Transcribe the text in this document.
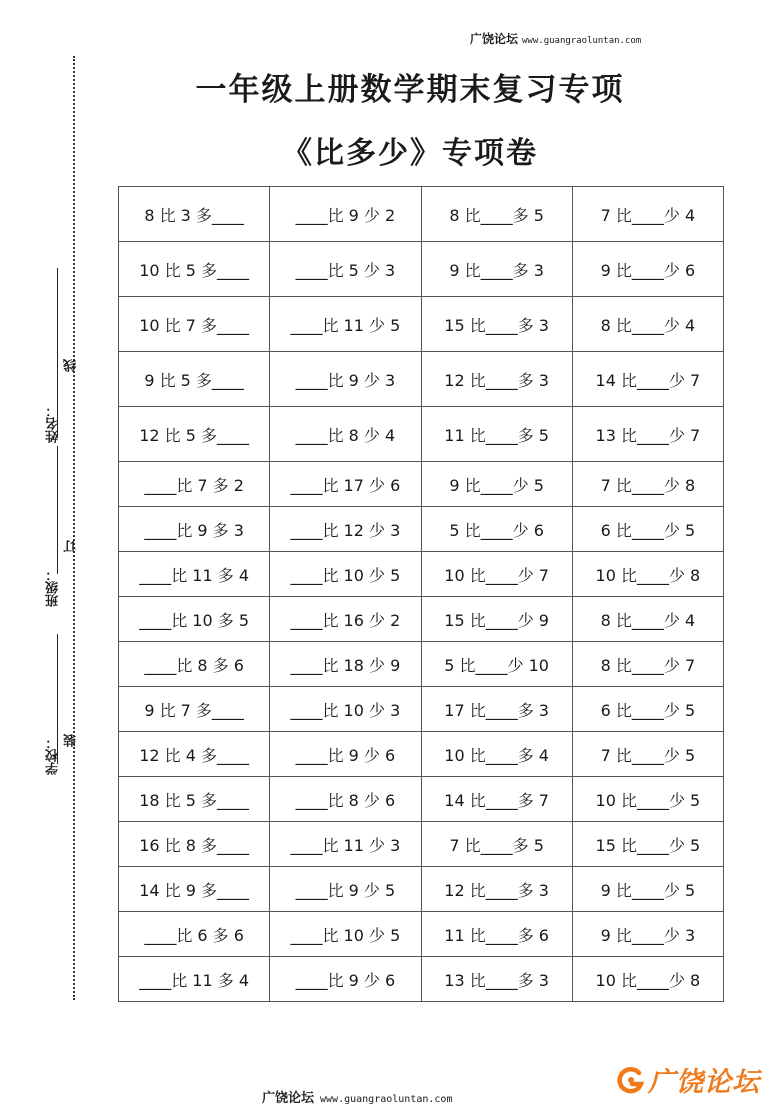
广饶论坛 www.guangraoluntan.com
一年级上册数学期末复习专项
《比多少》专项卷
姓名：
班级：
学校：
线
订
装
8 比 3 多____	____比 9 少 2	8 比____多 5	7 比____少 4
10 比 5 多____	____比 5 少 3	9 比____多 3	9 比____少 6
10 比 7 多____	____比 11 少 5	15 比____多 3	8 比____少 4
9 比 5 多____	____比 9 少 3	12 比____多 3	14 比____少 7
12 比 5 多____	____比 8 少 4	11 比____多 5	13 比____少 7
____比 7 多 2	____比 17 少 6	9 比____少 5	7 比____少 8
____比 9 多 3	____比 12 少 3	5 比____少 6	6 比____少 5
____比 11 多 4	____比 10 少 5	10 比____少 7	10 比____少 8
____比 10 多 5	____比 16 少 2	15 比____少 9	8 比____少 4
____比 8 多 6	____比 18 少 9	5 比____少 10	8 比____少 7
9 比 7 多____	____比 10 少 3	17 比____多 3	6 比____少 5
12 比 4 多____	____比 9 少 6	10 比____多 4	7 比____少 5
18 比 5 多____	____比 8 少 6	14 比____多 7	10 比____少 5
16 比 8 多____	____比 11 少 3	7 比____多 5	15 比____少 5
14 比 9 多____	____比 9 少 5	12 比____多 3	9 比____少 5
____比 6 多 6	____比 10 少 5	11 比____多 6	9 比____少 3
____比 11 多 4	____比 9 少 6	13 比____多 3	10 比____少 8
广饶论坛 www.guangraoluntan.com
广饶论坛
